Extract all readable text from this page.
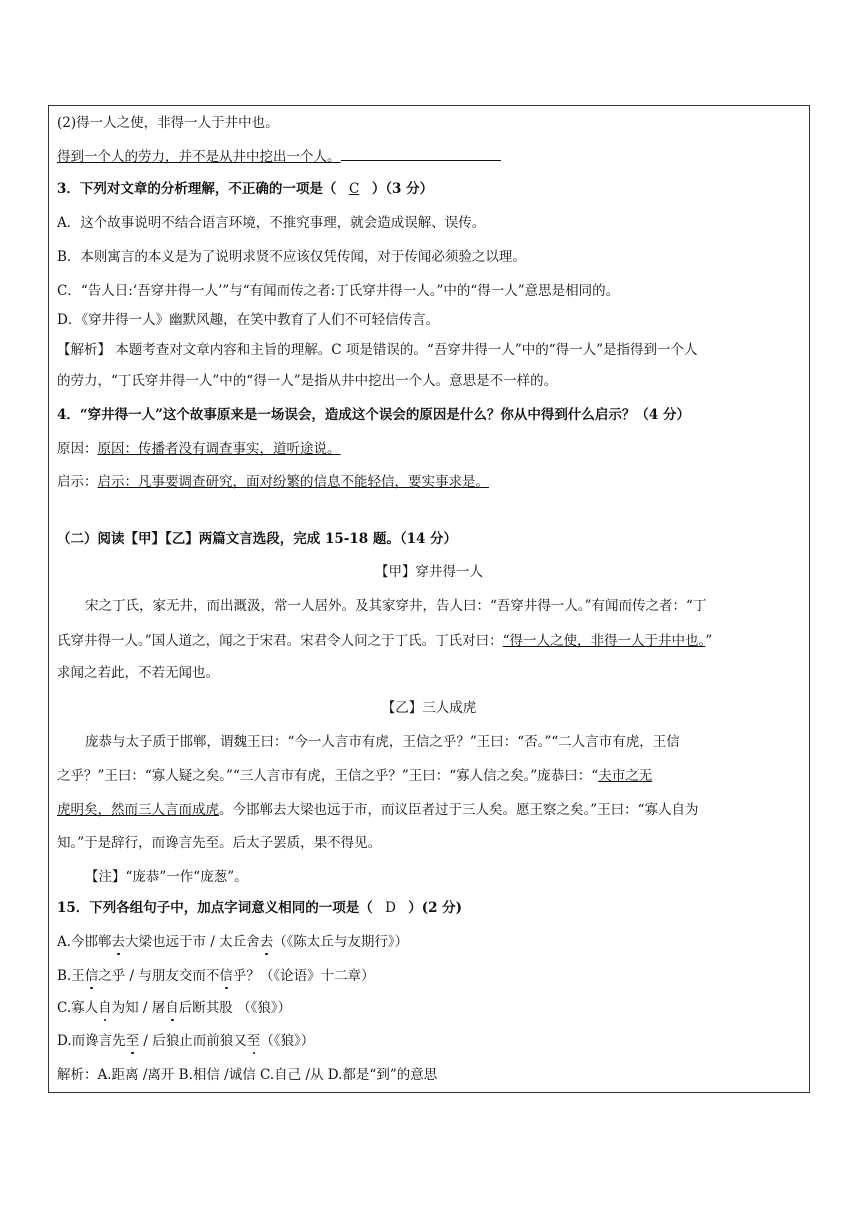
(2)得一人之使，非得一人于井中也。
得到一个人的劳力，并不是从井中挖出一个人。
3．下列对文章的分析理解，不正确的一项是（ C ）（3 分）
A．这个故事说明不结合语言环境，不推究事理，就会造成误解、误传。
B．本则寓言的本义是为了说明求贤不应该仅凭传闻，对于传闻必须验之以理。
C．“告人日:‘吾穿井得一人’”与“有闻而传之者:丁氏穿井得一人。”中的“得一人”意思是相同的。
D．《穿井得一人》幽默风趣，在笑中教育了人们不可轻信传言。
【解析】 本题考查对文章内容和主旨的理解。C 项是错误的。“吾穿井得一人”中的“得一人”是指得到一个人
的劳力，“丁氏穿井得一人”中的“得一人”是指从井中挖出一个人。意思是不一样的。
4．“穿井得一人”这个故事原来是一场误会，造成这个误会的原因是什么？你从中得到什么启示？（4 分）
原因：原因：传播者没有调查事实，道听途说。
启示：启示：凡事要调查研究，面对纷繁的信息不能轻信，要实事求是。
（二）阅读【甲】【乙】两篇文言选段，完成 15-18 题。（14 分）
【甲】穿井得一人
宋之丁氏，家无井，而出溉汲，常一人居外。及其家穿井，告人曰：“吾穿井得一人。”有闻而传之者：“丁
氏穿井得一人。”国人道之，闻之于宋君。宋君令人问之于丁氏。丁氏对曰：“得一人之使，非得一人于井中也。”
求闻之若此，不若无闻也。
【乙】三人成虎
庞恭与太子质于邯郸，谓魏王曰：“今一人言市有虎，王信之乎？”王曰：“否。”“二人言市有虎，王信
之乎？”王曰：“寡人疑之矣。”“三人言市有虎，王信之乎？”王曰：“寡人信之矣。”庞恭曰：“夫市之无
虎明矣，然而三人言而成虎。今邯郸去大梁也远于市，而议臣者过于三人矣。愿王察之矣。”王曰：“寡人自为
知。”于是辞行，而谗言先至。后太子罢质，果不得见。
【注】“庞恭”一作“庞葱”。
15．下列各组句子中，加点字词意义相同的一项是（ D ）(2 分)
A.今邯郸去大梁也远于市 / 太丘舍去（《陈太丘与友期行》）
B.王信之乎 / 与朋友交而不信乎？（《论语》十二章）
C.寡人自为知 / 屠自后断其股 （《狼》）
D.而谗言先至 / 后狼止而前狼又至（《狼》）
解析：A.距离 /离开 B.相信 /诚信 C.自己 /从 D.都是“到”的意思
